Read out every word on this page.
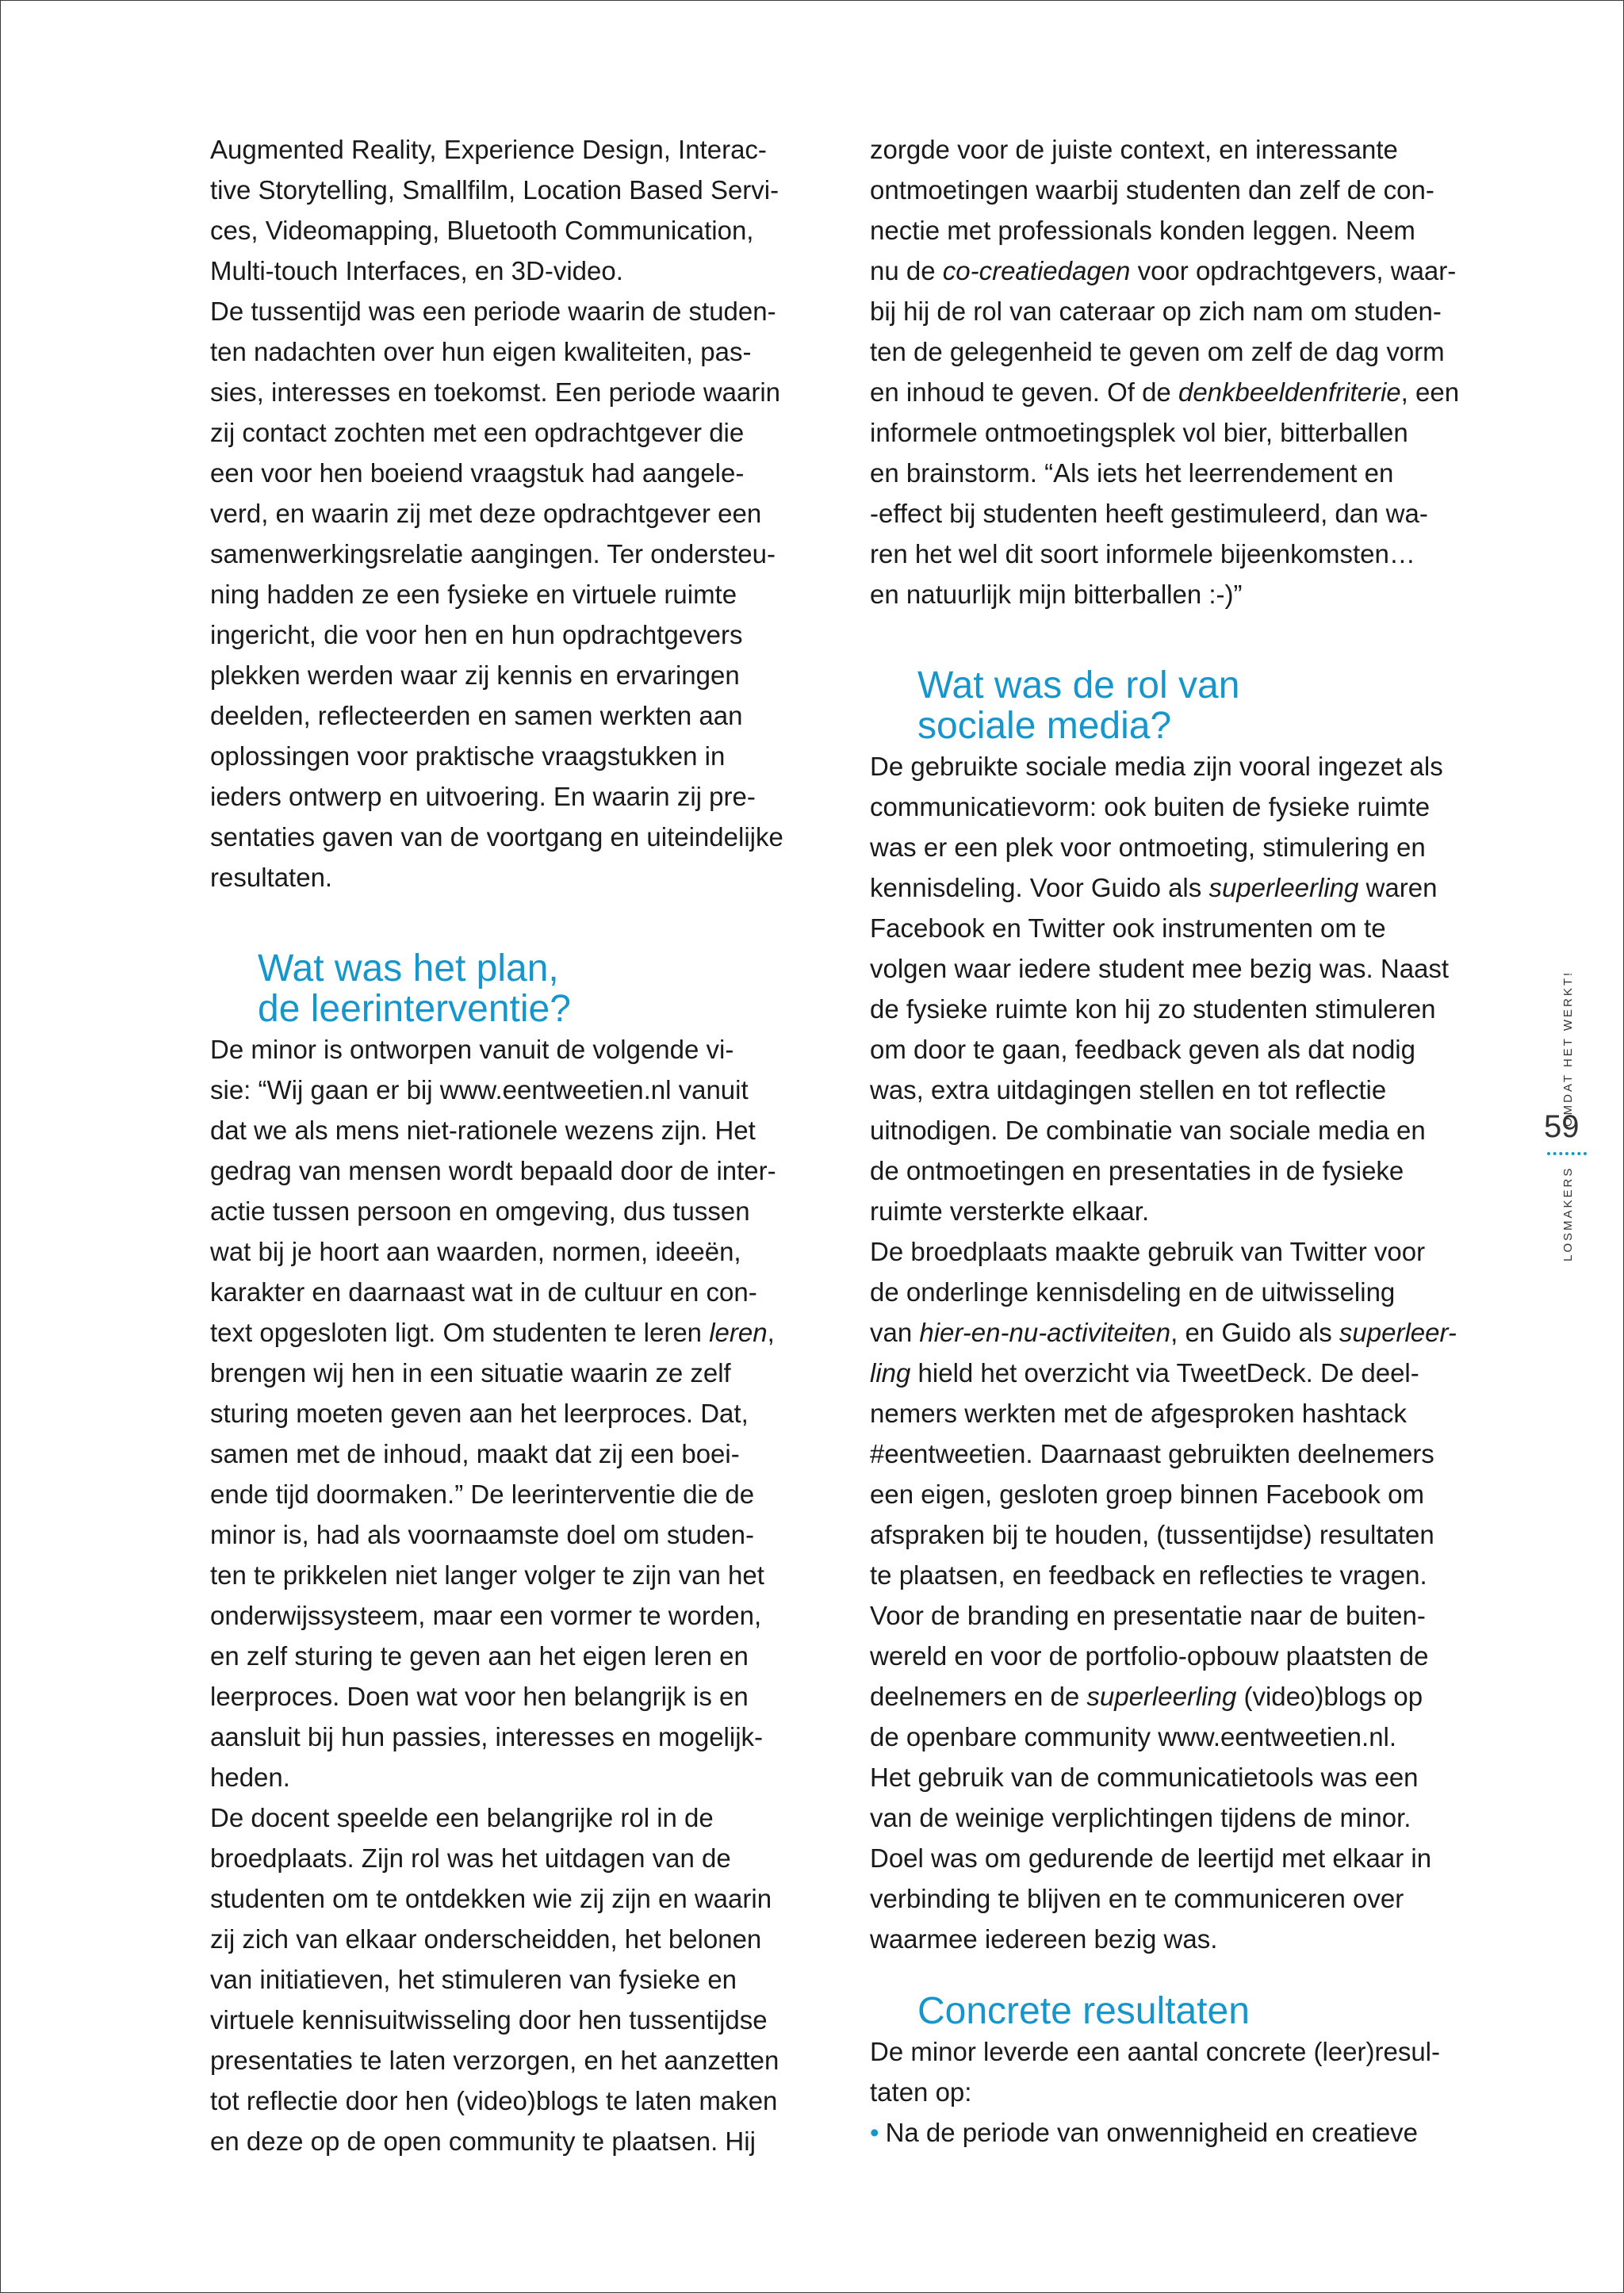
Augmented Reality, Experience Design, Interac-
tive Storytelling, Smallfilm, Location Based Servi-
ces, Videomapping, Bluetooth Communication,
Multi-touch Interfaces, en 3D-video.
De tussentijd was een periode waarin de studen-
ten nadachten over hun eigen kwaliteiten, pas-
sies, interesses en toekomst. Een periode waarin
zij contact zochten met een opdrachtgever die
een voor hen boeiend vraagstuk had aangele-
verd, en waarin zij met deze opdrachtgever een
samenwerkingsrelatie aangingen. Ter ondersteu-
ning hadden ze een fysieke en virtuele ruimte
ingericht, die voor hen en hun opdrachtgevers
plekken werden waar zij kennis en ervaringen
deelden, reflecteerden en samen werkten aan
oplossingen voor praktische vraagstukken in
ieders ontwerp en uitvoering. En waarin zij pre-
sentaties gaven van de voortgang en uiteindelijke
resultaten.
Wat was het plan,
de leerinterventie?
De minor is ontworpen vanuit de volgende vi-
sie: “Wij gaan er bij www.eentweetien.nl vanuit
dat we als mens niet-rationele wezens zijn. Het
gedrag van mensen wordt bepaald door de inter-
actie tussen persoon en omgeving, dus tussen
wat bij je hoort aan waarden, normen, ideeën,
karakter en daarnaast wat in de cultuur en con-
text opgesloten ligt. Om studenten te leren leren,
brengen wij hen in een situatie waarin ze zelf
sturing moeten geven aan het leerproces. Dat,
samen met de inhoud, maakt dat zij een boei-
ende tijd doormaken.” De leerinterventie die de
minor is, had als voornaamste doel om studen-
ten te prikkelen niet langer volger te zijn van het
onderwijssysteem, maar een vormer te worden,
en zelf sturing te geven aan het eigen leren en
leerproces. Doen wat voor hen belangrijk is en
aansluit bij hun passies, interesses en mogelijk-
heden.
De docent speelde een belangrijke rol in de
broedplaats. Zijn rol was het uitdagen van de
studenten om te ontdekken wie zij zijn en waarin
zij zich van elkaar onderscheidden, het belonen
van initiatieven, het stimuleren van fysieke en
virtuele kennisuitwisseling door hen tussentijdse
presentaties te laten verzorgen, en het aanzetten
tot reflectie door hen (video)blogs te laten maken
en deze op de open community te plaatsen. Hij
zorgde voor de juiste context, en interessante
ontmoetingen waarbij studenten dan zelf de con-
nectie met professionals konden leggen. Neem
nu de co-creatiedagen voor opdrachtgevers, waar-
bij hij de rol van cateraar op zich nam om studen-
ten de gelegenheid te geven om zelf de dag vorm
en inhoud te geven. Of de denkbeeldenfriterie, een
informele ontmoetingsplek vol bier, bitterballen
en brainstorm. “Als iets het leerrendement en
-effect bij studenten heeft gestimuleerd, dan wa-
ren het wel dit soort informele bijeenkomsten…
en natuurlijk mijn bitterballen :-)”
Wat was de rol van
sociale media?
De gebruikte sociale media zijn vooral ingezet als
communicatievorm: ook buiten de fysieke ruimte
was er een plek voor ontmoeting, stimulering en
kennisdeling. Voor Guido als superleerling waren
Facebook en Twitter ook instrumenten om te
volgen waar iedere student mee bezig was. Naast
de fysieke ruimte kon hij zo studenten stimuleren
om door te gaan, feedback geven als dat nodig
was, extra uitdagingen stellen en tot reflectie
uitnodigen. De combinatie van sociale media en
de ontmoetingen en presentaties in de fysieke
ruimte versterkte elkaar.
De broedplaats maakte gebruik van Twitter voor
de onderlinge kennisdeling en de uitwisseling
van hier-en-nu-activiteiten, en Guido als superleer-
ling hield het overzicht via TweetDeck. De deel-
nemers werkten met de afgesproken hashtack
#eentweetien. Daarnaast gebruikten deelnemers
een eigen, gesloten groep binnen Facebook om
afspraken bij te houden, (tussentijdse) resultaten
te plaatsen, en feedback en reflecties te vragen.
Voor de branding en presentatie naar de buiten-
wereld en voor de portfolio-opbouw plaatsten de
deelnemers en de superleerling (video)blogs op
de openbare community www.eentweetien.nl.
Het gebruik van de communicatietools was een
van de weinige verplichtingen tijdens de minor.
Doel was om gedurende de leertijd met elkaar in
verbinding te blijven en te communiceren over
waarmee iedereen bezig was.
Concrete resultaten
De minor leverde een aantal concrete (leer)resul-
taten op:
• Na de periode van onwennigheid en creatieve
OMDAT HET WERKT!
59
LOSMAKERS
